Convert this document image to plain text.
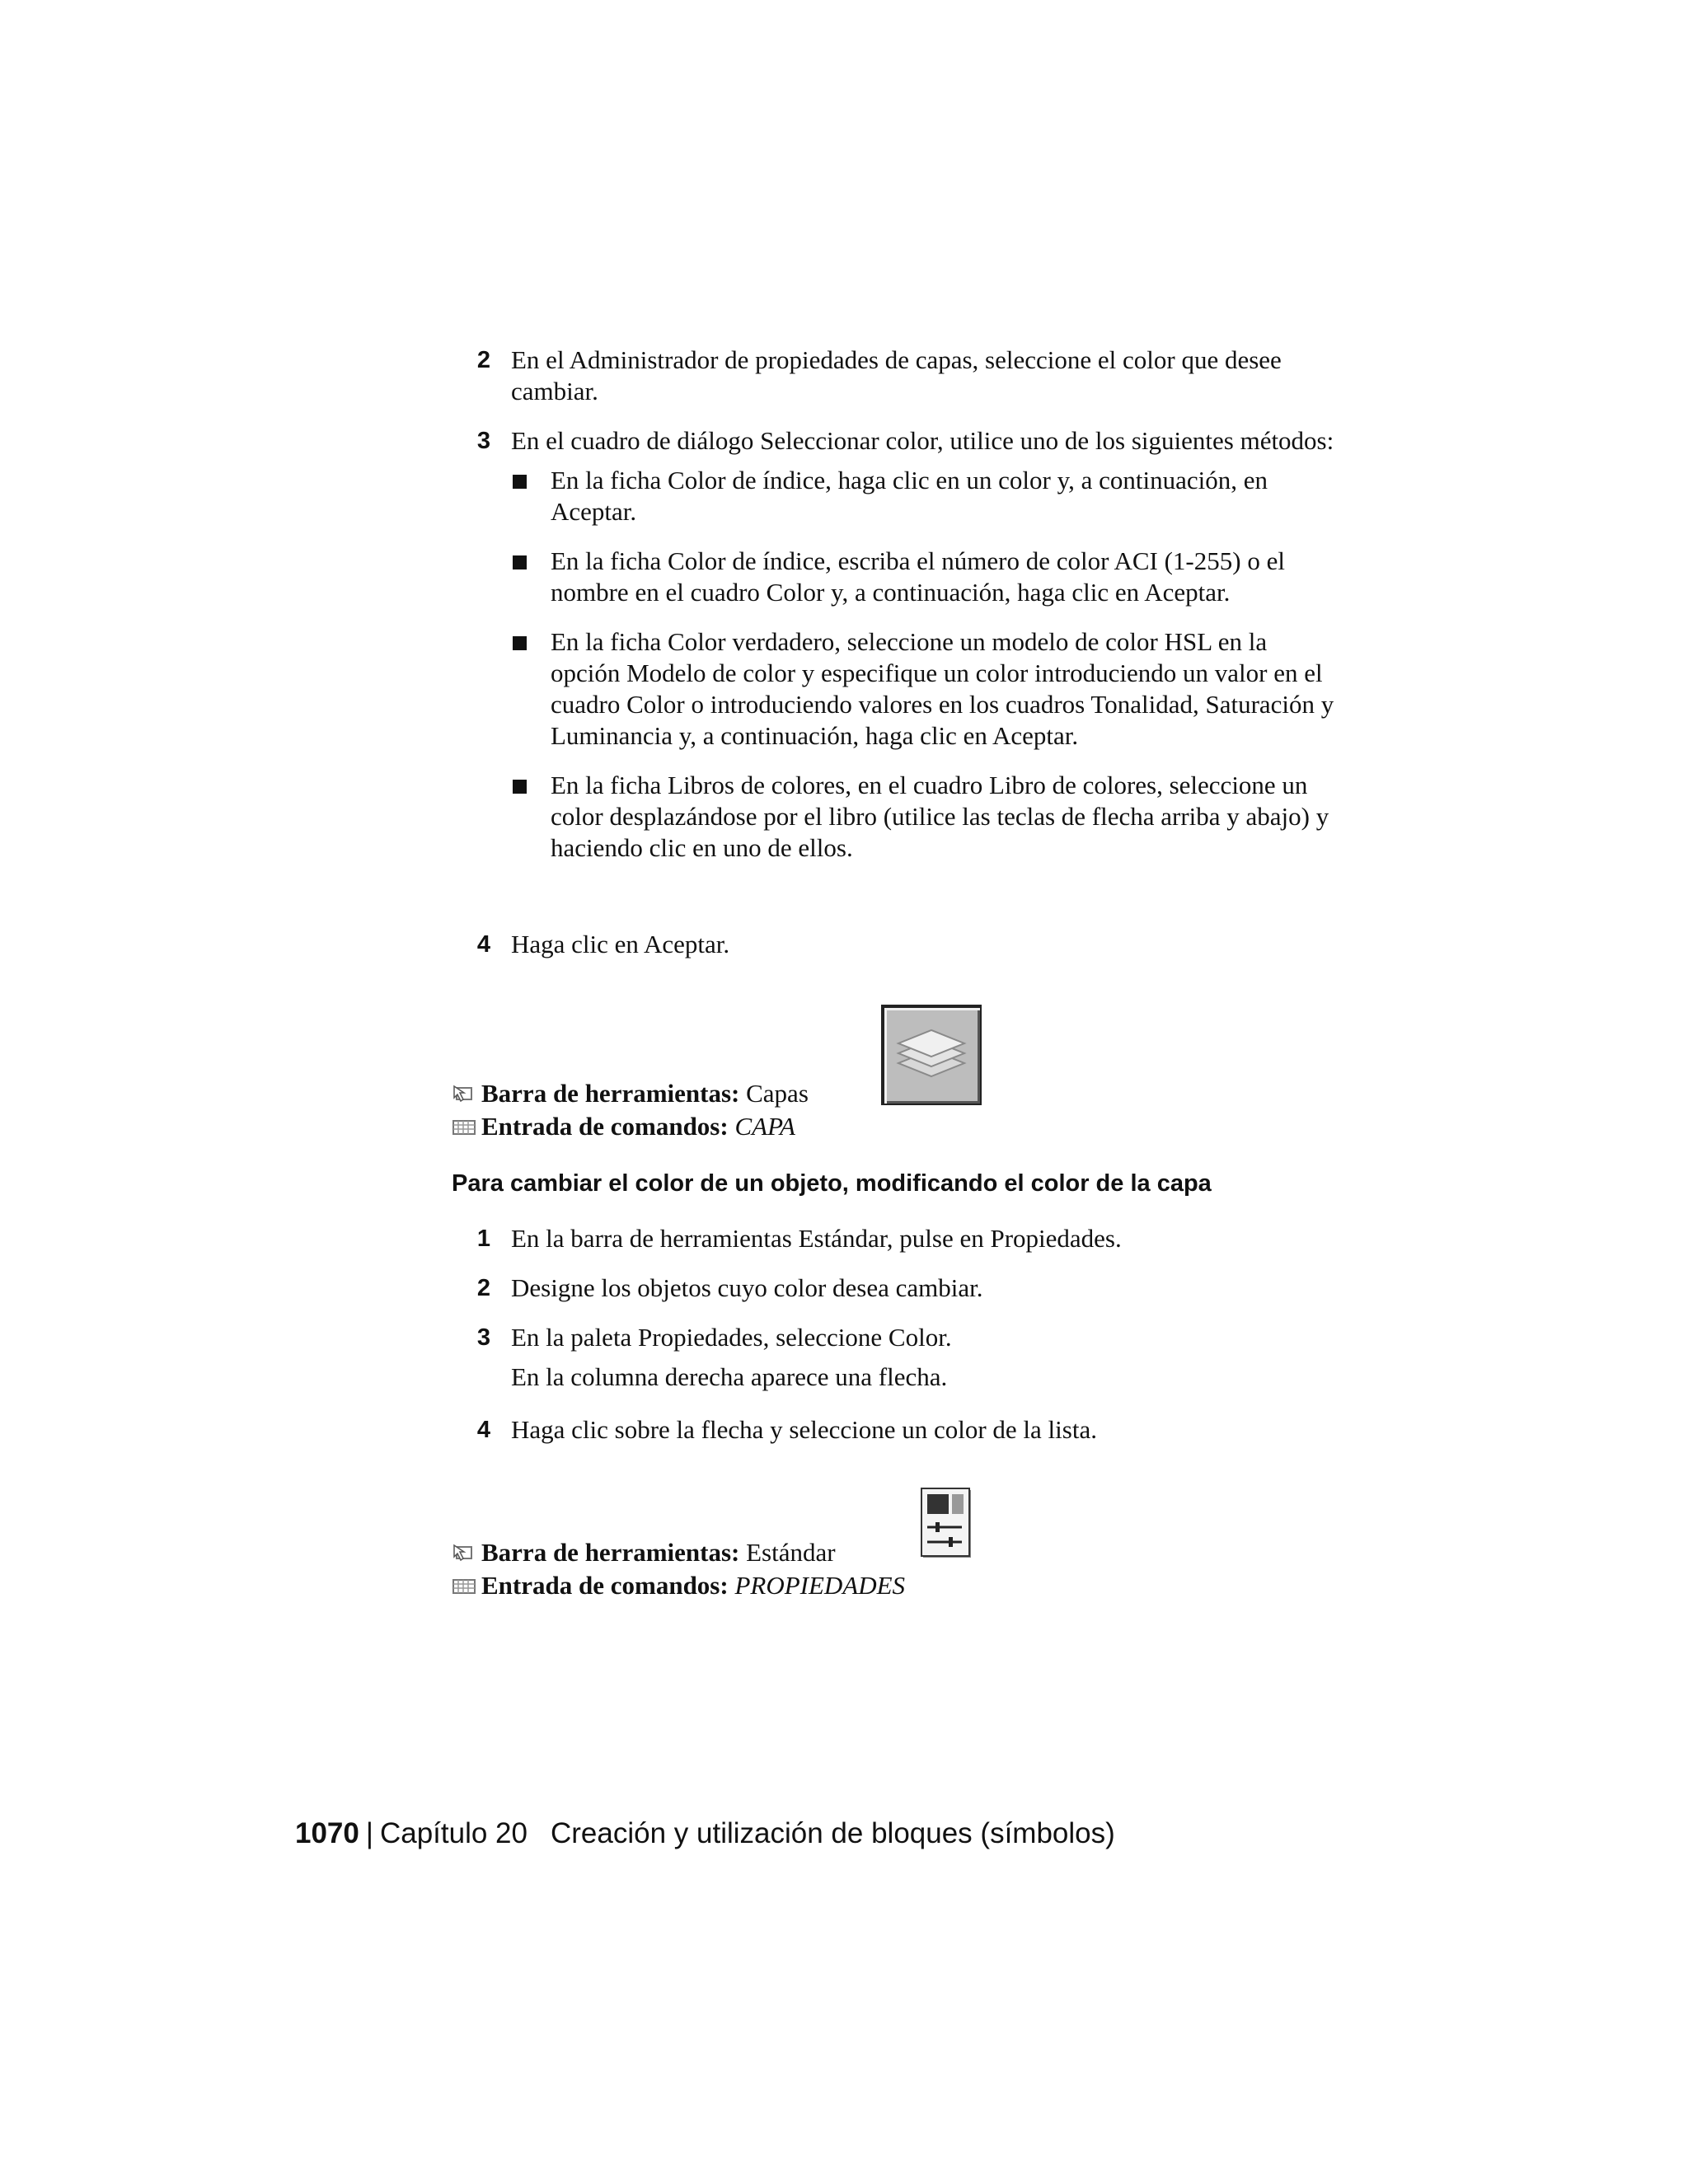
2 En el Administrador de propiedades de capas, seleccione el color que desee cambiar.
3 En el cuadro de diálogo Seleccionar color, utilice uno de los siguientes métodos:
En la ficha Color de índice, haga clic en un color y, a continuación, en Aceptar.
En la ficha Color de índice, escriba el número de color ACI (1-255) o el nombre en el cuadro Color y, a continuación, haga clic en Aceptar.
En la ficha Color verdadero, seleccione un modelo de color HSL en la opción Modelo de color y especifique un color introduciendo un valor en el cuadro Color o introduciendo valores en los cuadros Tonalidad, Saturación y Luminancia y, a continuación, haga clic en Aceptar.
En la ficha Libros de colores, en el cuadro Libro de colores, seleccione un color desplazándose por el libro (utilice las teclas de flecha arriba y abajo) y haciendo clic en uno de ellos.
4 Haga clic en Aceptar.
Barra de herramientas: Capas
Entrada de comandos: CAPA
Para cambiar el color de un objeto, modificando el color de la capa
1 En la barra de herramientas Estándar, pulse en Propiedades.
2 Designe los objetos cuyo color desea cambiar.
3 En la paleta Propiedades, seleccione Color.
En la columna derecha aparece una flecha.
4 Haga clic sobre la flecha y seleccione un color de la lista.
Barra de herramientas: Estándar
Entrada de comandos: PROPIEDADES
1070 | Capítulo 20 Creación y utilización de bloques (símbolos)
